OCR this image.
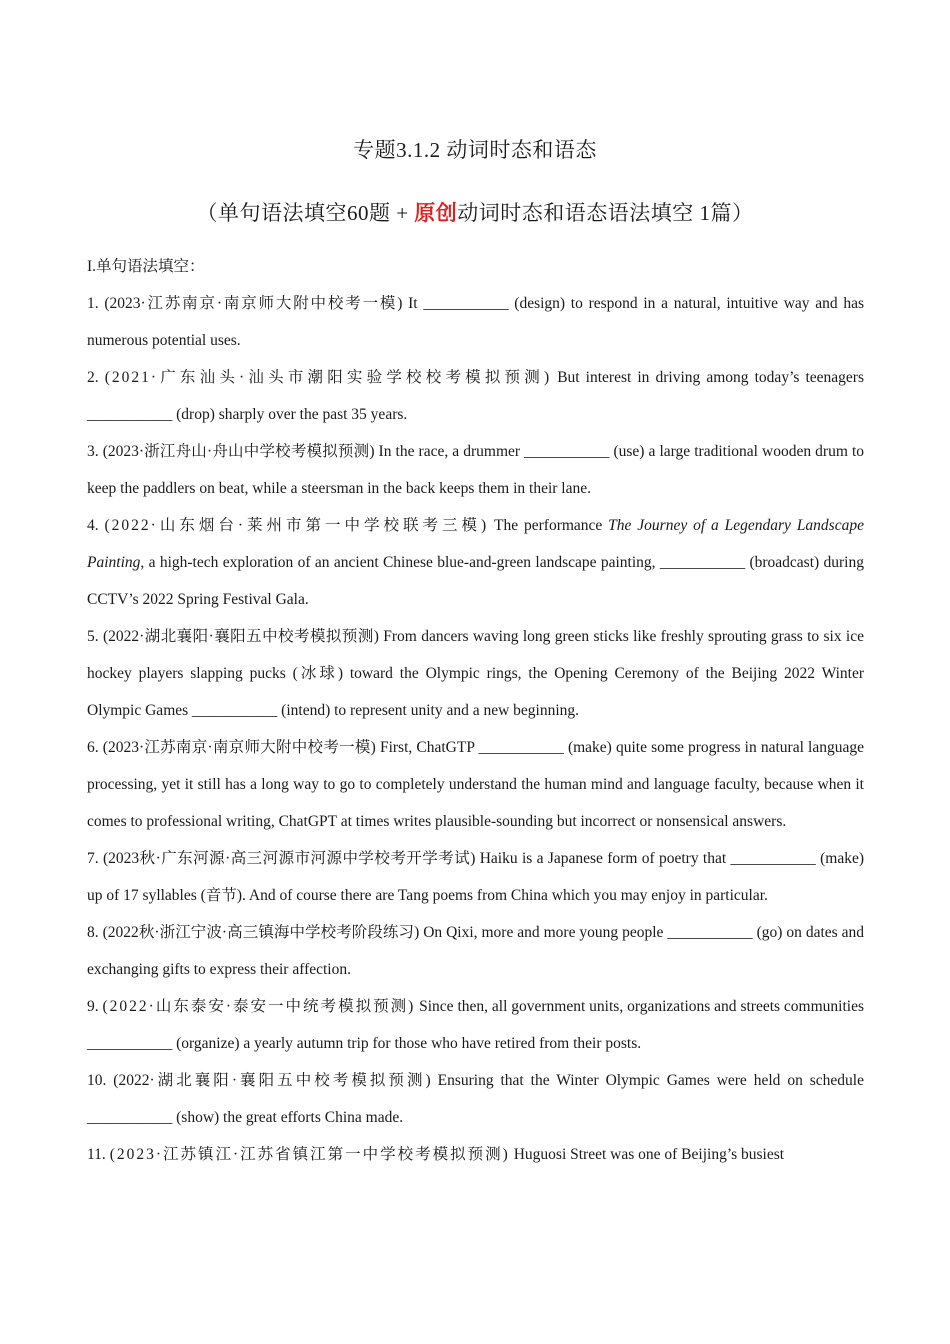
专题3.1.2 动词时态和语态
（单句语法填空60题 + 原创动词时态和语态语法填空 1篇）

I.单句语法填空：

1. (2023·江苏南京·南京师大附中校考一模) It ___________ (design) to respond in a natural, intuitive way and has numerous potential uses.

2. (2021·广东汕头·汕头市潮阳实验学校校考模拟预测) But interest in driving among today’s teenagers ___________ (drop) sharply over the past 35 years.

3. (2023·浙江舟山·舟山中学校考模拟预测) In the race, a drummer ___________ (use) a large traditional wooden drum to keep the paddlers on beat, while a steersman in the back keeps them in their lane.

4. (2022·山东烟台·莱州市第一中学校联考三模) The performance The Journey of a Legendary Landscape Painting, a high-tech exploration of an ancient Chinese blue-and-green landscape painting, ___________ (broadcast) during CCTV’s 2022 Spring Festival Gala.

5. (2022·湖北襄阳·襄阳五中校考模拟预测) From dancers waving long green sticks like freshly sprouting grass to six ice hockey players slapping pucks (冰球) toward the Olympic rings, the Opening Ceremony of the Beijing 2022 Winter Olympic Games ___________ (intend) to represent unity and a new beginning.

6. (2023·江苏南京·南京师大附中校考一模) First, ChatGTP ___________ (make) quite some progress in natural language processing, yet it still has a long way to go to completely understand the human mind and language faculty, because when it comes to professional writing, ChatGPT at times writes plausible-sounding but incorrect or nonsensical answers.

7. (2023秋·广东河源·高三河源市河源中学校考开学考试) Haiku is a Japanese form of poetry that ___________ (make) up of 17 syllables (音节). And of course there are Tang poems from China which you may enjoy in particular.

8. (2022秋·浙江宁波·高三镇海中学校考阶段练习) On Qixi, more and more young people ___________ (go) on dates and exchanging gifts to express their affection.

9. (2022·山东泰安·泰安一中统考模拟预测) Since then, all government units, organizations and streets communities ___________ (organize) a yearly autumn trip for those who have retired from their posts.

10. (2022·湖北襄阳·襄阳五中校考模拟预测) Ensuring that the Winter Olympic Games were held on schedule ___________ (show) the great efforts China made.

11. (2023·江苏镇江·江苏省镇江第一中学校考模拟预测) Huguosi Street was one of Beijing’s busiest
